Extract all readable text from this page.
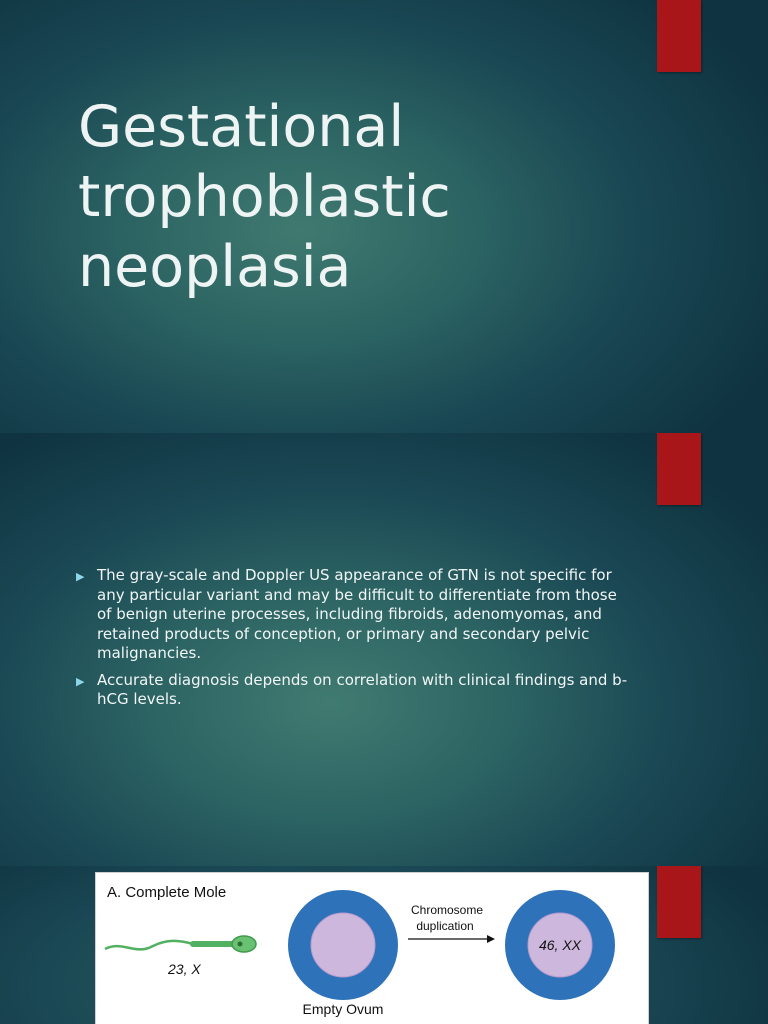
Gestational
trophoblastic
neoplasia
▶ The gray-scale and Doppler US appearance of GTN is not specific for any particular variant and may be difficult to differentiate from those of benign uterine processes, including fibroids, adenomyomas, and retained products of conception, or primary and secondary pelvic malignancies.
▶ Accurate diagnosis depends on correlation with clinical findings and b-hCG levels.
A. Complete Mole
23, X
Empty Ovum
Chromosome
duplication
46, XX
